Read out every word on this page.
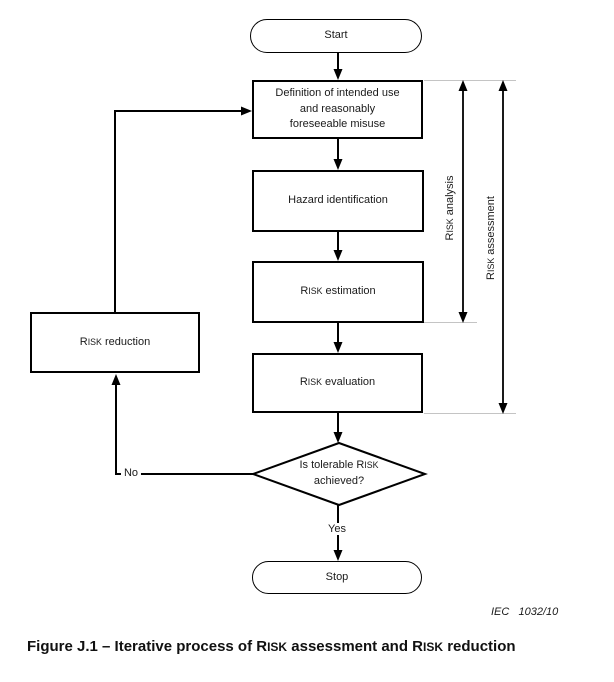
Start
Definition of intended use and reasonably foreseeable misuse
Hazard identification
RISK estimation
RISK evaluation
RISK reduction
Is tolerable RISK achieved?
Stop
No
Yes
RISK analysis
RISK assessment
IEC   1032/10
Figure J.1 – Iterative process of RISK assessment and RISK reduction
